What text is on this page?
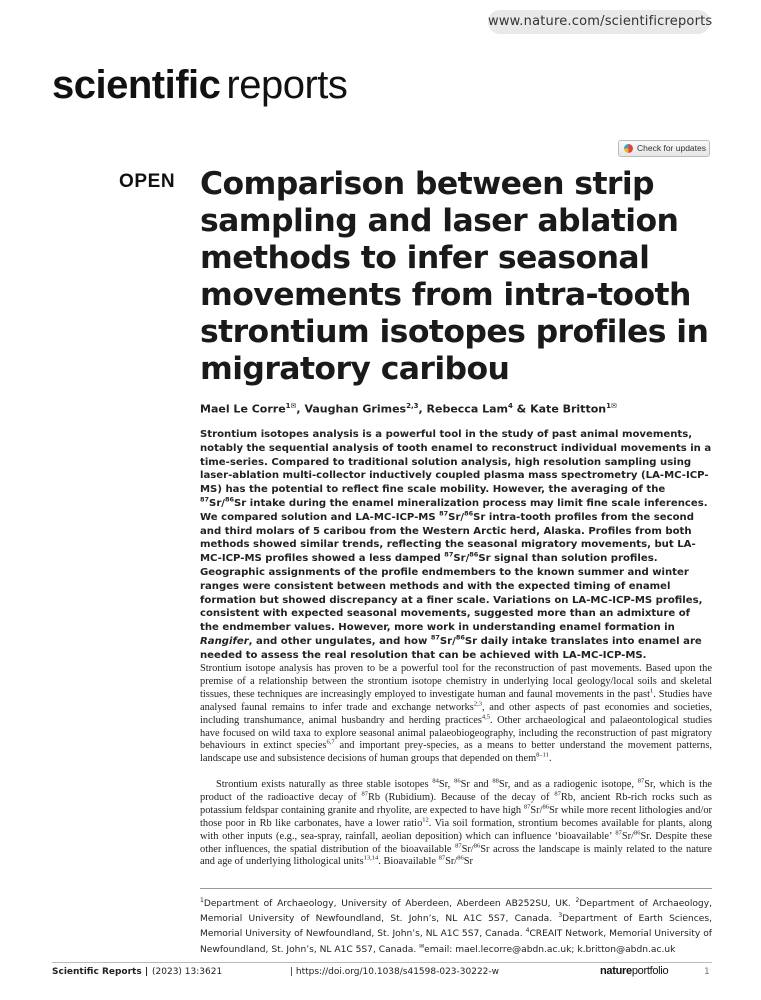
www.nature.com/scientificreports
scientific reports
Check for updates
OPEN Comparison between strip sampling and laser ablation methods to infer seasonal movements from intra-tooth strontium isotopes profiles in migratory caribou
Mael Le Corre$^{1✉}$, Vaughan Grimes$^{2,3}$, Rebecca Lam$^4$ & Kate Britton$^{1✉}$
Strontium isotopes analysis is a powerful tool in the study of past animal movements, notably the sequential analysis of tooth enamel to reconstruct individual movements in a time-series. Compared to traditional solution analysis, high resolution sampling using laser-ablation multi-collector inductively coupled plasma mass spectrometry (LA-MC-ICP-MS) has the potential to reflect fine scale mobility. However, the averaging of the $^{87}$Sr/$^{86}$Sr intake during the enamel mineralization process may limit fine scale inferences. We compared solution and LA-MC-ICP-MS $^{87}$Sr/$^{86}$Sr intra-tooth profiles from the second and third molars of 5 caribou from the Western Arctic herd, Alaska. Profiles from both methods showed similar trends, reflecting the seasonal migratory movements, but LA-MC-ICP-MS profiles showed a less damped $^{87}$Sr/$^{86}$Sr signal than solution profiles. Geographic assignments of the profile endmembers to the known summer and winter ranges were consistent between methods and with the expected timing of enamel formation but showed discrepancy at a finer scale. Variations on LA-MC-ICP-MS profiles, consistent with expected seasonal movements, suggested more than an admixture of the endmember values. However, more work in understanding enamel formation in Rangifer, and other ungulates, and how $^{87}$Sr/$^{86}$Sr daily intake translates into enamel are needed to assess the real resolution that can be achieved with LA-MC-ICP-MS.

Strontium isotope analysis has proven to be a powerful tool for the reconstruction of past movements. Based upon the premise of a relationship between the strontium isotope chemistry in underlying local geology/local soils and skeletal tissues, these techniques are increasingly employed to investigate human and faunal movements in the past$^1$. Studies have analysed faunal remains to infer trade and exchange networks$^{2,3}$, and other aspects of past economies and societies, including transhumance, animal husbandry and herding practices$^{4,5}$. Other archaeological and palaeontological studies have focused on wild taxa to explore seasonal animal palaeobiogeography, including the reconstruction of past migratory behaviours in extinct species$^{6,7}$ and important prey-species, as a means to better understand the movement patterns, landscape use and subsistence decisions of human groups that depended on them$^{8-11}$.

Strontium exists naturally as three stable isotopes $^{84}$Sr, $^{86}$Sr and $^{88}$Sr, and as a radiogenic isotope, $^{87}$Sr, which is the product of the radioactive decay of $^{87}$Rb (Rubidium). Because of the decay of $^{87}$Rb, ancient Rb-rich rocks such as potassium feldspar containing granite and rhyolite, are expected to have high $^{87}$Sr/$^{86}$Sr while more recent lithologies and/or those poor in Rb like carbonates, have a lower ratio$^{12}$. Via soil formation, strontium becomes available for plants, along with other inputs (e.g., sea-spray, rainfall, aeolian deposition) which can influence ‘bioavailable’ $^{87}$Sr/$^{86}$Sr. Despite these other influences, the spatial distribution of the bioavailable $^{87}$Sr/$^{86}$Sr across the landscape is mainly related to the nature and age of underlying lithological units$^{13,14}$. Bioavailable $^{87}$Sr/$^{86}$Sr

$^1$Department of Archaeology, University of Aberdeen, Aberdeen AB252SU, UK. $^2$Department of Archaeology, Memorial University of Newfoundland, St. John’s, NL A1C 5S7, Canada. $^3$Department of Earth Sciences, Memorial University of Newfoundland, St. John’s, NL A1C 5S7, Canada. $^4$CREAIT Network, Memorial University of Newfoundland, St. John’s, NL A1C 5S7, Canada. ✉email: mael.lecorre@abdn.ac.uk; k.britton@abdn.ac.uk
Scientific Reports | (2023) 13:3621	| https://doi.org/10.1038/s41598-023-30222-w	natureportfolio	1
